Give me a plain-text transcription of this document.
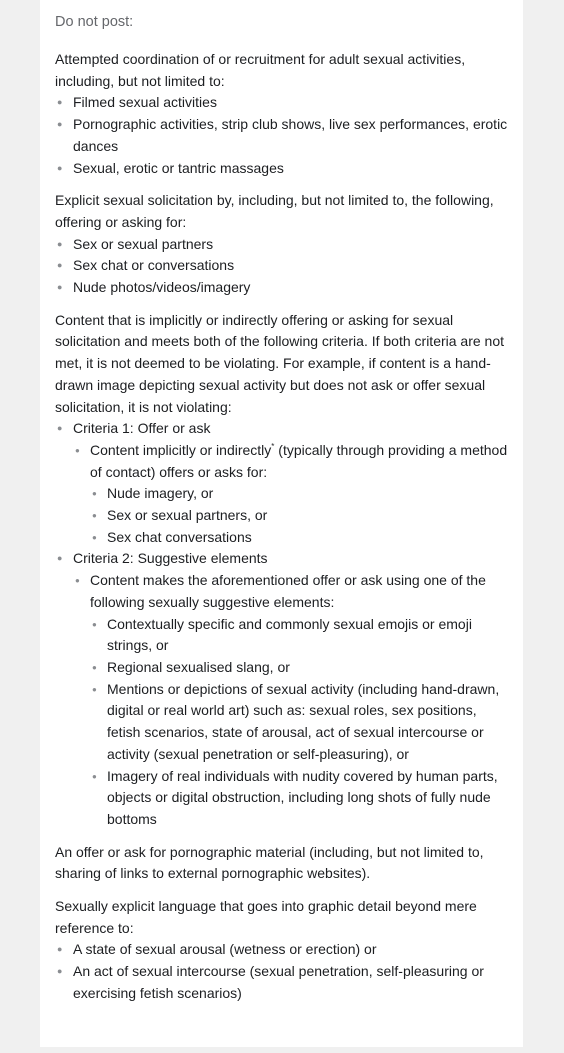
Do not post:

Attempted coordination of or recruitment for adult sexual activities, including, but not limited to:

● Filmed sexual activities
● Pornographic activities, strip club shows, live sex performances, erotic dances
● Sexual, erotic or tantric massages

Explicit sexual solicitation by, including, but not limited to, the following, offering or asking for:

● Sex or sexual partners
● Sex chat or conversations
● Nude photos/videos/imagery

Content that is implicitly or indirectly offering or asking for sexual solicitation and meets both of the following criteria. If both criteria are not met, it is not deemed to be violating. For example, if content is a hand-drawn image depicting sexual activity but does not ask or offer sexual solicitation, it is not violating:

● Criteria 1: Offer or ask
● Content implicitly or indirectly* (typically through providing a method of contact) offers or asks for:
● Nude imagery, or
● Sex or sexual partners, or
● Sex chat conversations
● Criteria 2: Suggestive elements
● Content makes the aforementioned offer or ask using one of the following sexually suggestive elements:
● Contextually specific and commonly sexual emojis or emoji strings, or
● Regional sexualised slang, or
● Mentions or depictions of sexual activity (including hand-drawn, digital or real world art) such as: sexual roles, sex positions, fetish scenarios, state of arousal, act of sexual intercourse or activity (sexual penetration or self-pleasuring), or
● Imagery of real individuals with nudity covered by human parts, objects or digital obstruction, including long shots of fully nude bottoms

An offer or ask for pornographic material (including, but not limited to, sharing of links to external pornographic websites).

Sexually explicit language that goes into graphic detail beyond mere reference to:

● A state of sexual arousal (wetness or erection) or
● An act of sexual intercourse (sexual penetration, self-pleasuring or exercising fetish scenarios)
